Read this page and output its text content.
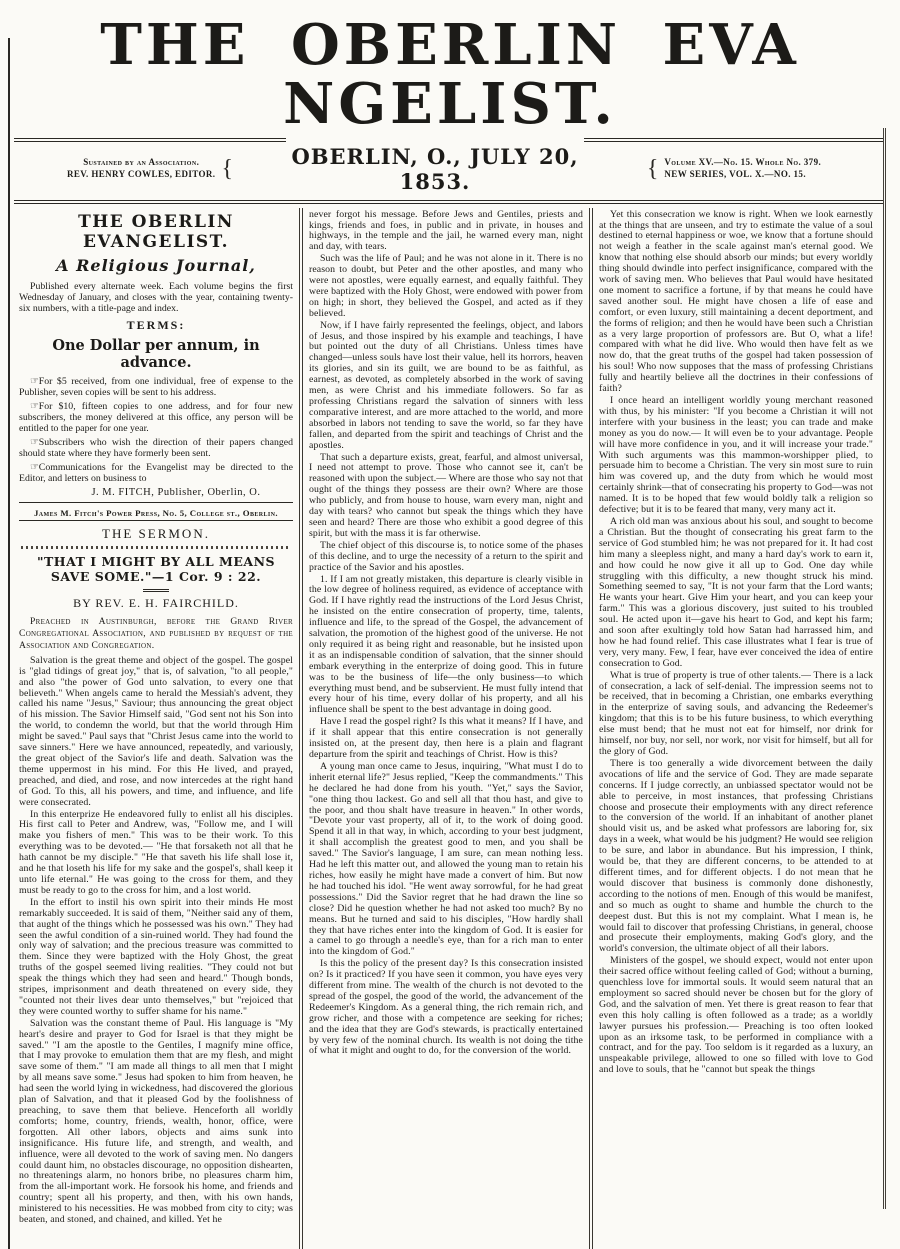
THE OBERLIN EVA NGELIST.
Sustained by an Association.
REV. HENRY COWLES, EDITOR. {	OBERLIN, O., JULY 20, 1853.	{ Volume XV.—No. 15. Whole No. 379.
NEW SERIES, VOL. X.—NO. 15.
THE OBERLIN EVANGELIST.
A Religious Journal,
Published every alternate week. Each volume begins the first Wednesday of January, and closes with the year, containing twenty-six numbers, with a title-page and index.
TERMS:
One Dollar per annum, in advance.
☞For $5 received, from one individual, free of expense to the Publisher, seven copies will be sent to his address.
☞For $10, fifteen copies to one address, and for four new subscribers, the money delivered at this office, any person will be entitled to the paper for one year.
☞Subscribers who wish the direction of their papers changed should state where they have formerly been sent.
☞Communications for the Evangelist may be directed to the Editor, and letters on business to
J. M. FITCH, Publisher, Oberlin, O.
James M. Fitch's Power Press, No. 5, College st., Oberlin.
THE SERMON.
"THAT I MIGHT BY ALL MEANS SAVE SOME."—1 Cor. 9 : 22.
BY REV. E. H. FAIRCHILD.
Preached in Austinburgh, before the Grand River Congregational Association, and published by request of the Association and Congregation.

Salvation is the great theme and object of the gospel. The gospel is "glad tidings of great joy," that is, of salvation, "to all people," and also "the power of God unto salvation, to every one that believeth." When angels came to herald the Messiah's advent, they called his name "Jesus," Saviour; thus announcing the great object of his mission. The Savior Himself said, "God sent not his Son into the world, to condemn the world, but that the world through Him might be saved." Paul says that "Christ Jesus came into the world to save sinners." Here we have announced, repeatedly, and variously, the great object of the Savior's life and death. Salvation was the theme uppermost in his mind. For this He lived, and prayed, preached, and died, and rose, and now intercedes at the right hand of God. To this, all his powers, and time, and influence, and life were consecrated.

In this enterprize He endeavored fully to enlist all his disciples. His first call to Peter and Andrew, was, "Follow me, and I will make you fishers of men." This was to be their work. To this everything was to be devoted.— "He that forsaketh not all that he hath cannot be my disciple." "He that saveth his life shall lose it, and he that loseth his life for my sake and the gospel's, shall keep it unto life eternal." He was going to the cross for them, and they must be ready to go to the cross for him, and a lost world.

In the effort to instil his own spirit into their minds He most remarkably succeeded. It is said of them, "Neither said any of them, that aught of the things which he possessed was his own." They had seen the awful condition of a sin-ruined world. They had found the only way of salvation; and the precious treasure was committed to them. Since they were baptized with the Holy Ghost, the great truths of the gospel seemed living realities. "They could not but speak the things which they had seen and heard." Though bonds, stripes, imprisonment and death threatened on every side, they "counted not their lives dear unto themselves," but "rejoiced that they were counted worthy to suffer shame for his name."

Salvation was the constant theme of Paul. His language is "My heart's desire and prayer to God for Israel is that they might be saved." "I am the apostle to the Gentiles, I magnify mine office, that I may provoke to emulation them that are my flesh, and might save some of them." "I am made all things to all men that I might by all means save some." Jesus had spoken to him from heaven, he had seen the world lying in wickedness, had discovered the glorious plan of Salvation, and that it pleased God by the foolishness of preaching, to save them that believe. Henceforth all worldly comforts; home, country, friends, wealth, honor, office, were forgotten. All other labors, objects and aims sunk into insignificance. His future life, and strength, and wealth, and influence, were all devoted to the work of saving men. No dangers could daunt him, no obstacles discourage, no opposition dishearten, no threatenings alarm, no honors bribe, no pleasures charm him, from the all-important work. He forsook his home, and friends and country; spent all his property, and then, with his own hands, ministered to his necessities. He was mobbed from city to city; was beaten, and stoned, and chained, and killed. Yet he

never forgot his message. Before Jews and Gentiles, priests and kings, friends and foes, in public and in private, in houses and highways, in the temple and the jail, he warned every man, night and day, with tears.

Such was the life of Paul; and he was not alone in it. There is no reason to doubt, but Peter and the other apostles, and many who were not apostles, were equally earnest, and equally faithful. They were baptized with the Holy Ghost, were endowed with power from on high; in short, they believed the Gospel, and acted as if they believed.

Now, if I have fairly represented the feelings, object, and labors of Jesus, and those inspired by his example and teachings, I have but pointed out the duty of all Christians. Unless times have changed—unless souls have lost their value, hell its horrors, heaven its glories, and sin its guilt, we are bound to be as faithful, as earnest, as devoted, as completely absorbed in the work of saving men, as were Christ and his immediate followers. So far as professing Christians regard the salvation of sinners with less comparative interest, and are more attached to the world, and more absorbed in labors not tending to save the world, so far they have fallen, and departed from the spirit and teachings of Christ and the apostles.

That such a departure exists, great, fearful, and almost universal, I need not attempt to prove. Those who cannot see it, can't be reasoned with upon the subject.— Where are those who say not that ought of the things they possess are their own? Where are those who publicly, and from house to house, warn every man, night and day with tears? who cannot but speak the things which they have seen and heard? There are those who exhibit a good degree of this spirit, but with the mass it is far otherwise.

The chief object of this discourse is, to notice some of the phases of this decline, and to urge the necessity of a return to the spirit and practice of the Savior and his apostles.

1. If I am not greatly mistaken, this departure is clearly visible in the low degree of holiness required, as evidence of acceptance with God. If I have rightly read the instructions of the Lord Jesus Christ, he insisted on the entire consecration of property, time, talents, influence and life, to the spread of the Gospel, the advancement of salvation, the promotion of the highest good of the universe. He not only required it as being right and reasonable, but he insisted upon it as an indispensable condition of salvation, that the sinner should embark everything in the enterprize of doing good. This in future was to be the business of life—the only business—to which everything must bend, and be subservient. He must fully intend that every hour of his time, every dollar of his property, and all his influence shall be spent to the best advantage in doing good.

Have I read the gospel right? Is this what it means? If I have, and if it shall appear that this entire consecration is not generally insisted on, at the present day, then here is a plain and flagrant departure from the spirit and teachings of Christ. How is this?

A young man once came to Jesus, inquiring, "What must I do to inherit eternal life?" Jesus replied, "Keep the commandments." This he declared he had done from his youth. "Yet," says the Savior, "one thing thou lackest. Go and sell all that thou hast, and give to the poor, and thou shalt have treasure in heaven." In other words, "Devote your vast property, all of it, to the work of doing good. Spend it all in that way, in which, according to your best judgment, it shall accomplish the greatest good to men, and you shall be saved." The Savior's language, I am sure, can mean nothing less. Had he left this matter out, and allowed the young man to retain his riches, how easily he might have made a convert of him. But now he had touched his idol. "He went away sorrowful, for he had great possessions." Did the Savior regret that he had drawn the line so close? Did he question whether he had not asked too much? By no means. But he turned and said to his disciples, "How hardly shall they that have riches enter into the kingdom of God. It is easier for a camel to go through a needle's eye, than for a rich man to enter into the kingdom of God."

Is this the policy of the present day? Is this consecration insisted on? Is it practiced? If you have seen it common, you have eyes very different from mine. The wealth of the church is not devoted to the spread of the gospel, the good of the world, the advancement of the Redeemer's Kingdom. As a general thing, the rich remain rich, and grow richer, and those with a competence are seeking for riches; and the idea that they are God's stewards, is practically entertained by very few of the nominal church. Its wealth is not doing the tithe of what it might and ought to do, for the conversion of the world.

Yet this consecration we know is right. When we look earnestly at the things that are unseen, and try to estimate the value of a soul destined to eternal happiness or woe, we know that a fortune should not weigh a feather in the scale against man's eternal good. We know that nothing else should absorb our minds; but every worldly thing should dwindle into perfect insignificance, compared with the work of saving men. Who believes that Paul would have hesitated one moment to sacrifice a fortune, if by that means he could have saved another soul. He might have chosen a life of ease and comfort, or even luxury, still maintaining a decent deportment, and the forms of religion; and then he would have been such a Christian as a very large proportion of professors are. But O, what a life! compared with what he did live. Who would then have felt as we now do, that the great truths of the gospel had taken possession of his soul! Who now supposes that the mass of professing Christians fully and heartily believe all the doctrines in their confessions of faith?

I once heard an intelligent worldly young merchant reasoned with thus, by his minister: "If you become a Christian it will not interfere with your business in the least; you can trade and make money as you do now.— It will even be to your advantage. People will have more confidence in you, and it will increase your trade." With such arguments was this mammon-worshipper plied, to persuade him to become a Christian. The very sin most sure to ruin him was covered up, and the duty from which he would most certainly shrink—that of consecrating his property to God—was not named. It is to be hoped that few would boldly talk a religion so defective; but it is to be feared that many, very many act it.

A rich old man was anxious about his soul, and sought to become a Christian. But the thought of consecrating his great farm to the service of God stumbled him; he was not prepared for it. It had cost him many a sleepless night, and many a hard day's work to earn it, and how could he now give it all up to God. One day while struggling with this difficulty, a new thought struck his mind. Something seemed to say, "It is not your farm that the Lord wants; He wants your heart. Give Him your heart, and you can keep your farm." This was a glorious discovery, just suited to his troubled soul. He acted upon it—gave his heart to God, and kept his farm; and soon after exultingly told how Satan had harrassed him, and how he had found relief. This case illustrates what I fear is true of very, very many. Few, I fear, have ever conceived the idea of entire consecration to God.

What is true of property is true of other talents.— There is a lack of consecration, a lack of self-denial. The impression seems not to be received, that in becoming a Christian, one embarks everything in the enterprize of saving souls, and advancing the Redeemer's kingdom; that this is to be his future business, to which everything else must bend; that he must not eat for himself, nor drink for himself, nor buy, nor sell, nor work, nor visit for himself, but all for the glory of God.

There is too generally a wide divorcement between the daily avocations of life and the service of God. They are made separate concerns. If I judge correctly, an unbiassed spectator would not be able to perceive, in most instances, that professing Christians choose and prosecute their employments with any direct reference to the conversion of the world. If an inhabitant of another planet should visit us, and be asked what professors are laboring for, six days in a week, what would be his judgment? He would see religion to be sure, and labor in abundance. But his impression, I think, would be, that they are different concerns, to be attended to at different times, and for different objects. I do not mean that he would discover that business is commonly done dishonestly, according to the notions of men. Enough of this would be manifest, and so much as ought to shame and humble the church to the deepest dust. But this is not my complaint. What I mean is, he would fail to discover that professing Christians, in general, choose and prosecute their employments, making God's glory, and the world's conversion, the ultimate object of all their labors.

Ministers of the gospel, we should expect, would not enter upon their sacred office without feeling called of God; without a burning, quenchless love for immortal souls. It would seem natural that an employment so sacred should never be chosen but for the glory of God, and the salvation of men. Yet there is great reason to fear that even this holy calling is often followed as a trade; as a worldly lawyer pursues his profession.— Preaching is too often looked upon as an irksome task, to be performed in compliance with a contract, and for the pay. Too seldom is it regarded as a luxury, an unspeakable privilege, allowed to one so filled with love to God and love to souls, that he "cannot but speak the things
